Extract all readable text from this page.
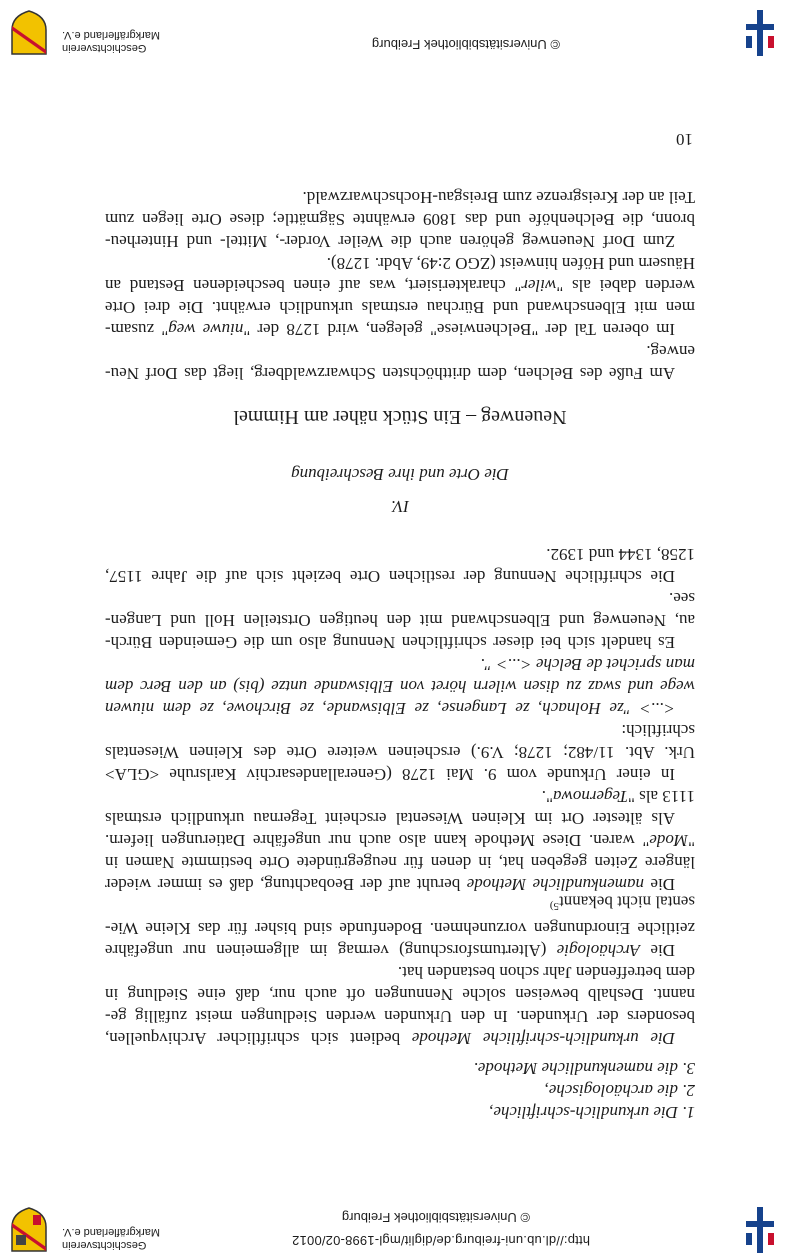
http://dl.ub.uni-freiburg.de/diglit/mgl-1998-02/0012
© Universitätsbibliothek Freiburg
Geschichtsverein
Markgräflerland e.V.
10
1. Die urkundlich-schriftliche,
2. die archäologische,
3. die namenkundliche Methode.
Die urkundlich-schriftliche Methode bedient sich schriftlicher Archivquellen,
besonders der Urkunden. In den Urkunden werden Siedlungen meist zufällig ge-
nannt. Deshalb beweisen solche Nennungen oft auch nur, daß eine Siedlung in
dem betreffenden Jahr schon bestanden hat.
Die Archäologie (Altertumsforschung) vermag im allgemeinen nur ungefähre
zeitliche Einordnungen vorzunehmen. Bodenfunde sind bisher für das Kleine Wie-
sental nicht bekannt$^{5)}$
Die namenkundliche Methode beruht auf der Beobachtung, daß es immer wieder
längere Zeiten gegeben hat, in denen für neugegründete Orte bestimmte Namen in
"Mode" waren. Diese Methode kann also auch nur ungefähre Datierungen liefern.
Als ältester Ort im Kleinen Wiesental erscheint Tegernau urkundlich erstmals
1113 als "Tegernowa".
In einer Urkunde vom 9. Mai 1278 (Generallandesarchiv Karlsruhe <GLA>
Urk. Abt. 11/482; 1278; V.9.) erscheinen weitere Orte des Kleinen Wiesentals
schriftlich:
<...> "ze Holnach, ze Langense, ze Elbiswande, ze Birchowe, ze dem niuwen
wege und swaz zu disen wilern höret von Elbiswande untze (bis) an den Berc dem
man sprichet de Belche <...> ".
Es handelt sich bei dieser schriftlichen Nennung also um die Gemeinden Bürch-
au, Neuenweg und Elbenschwand mit den heutigen Ortsteilen Holl und Langen-
see.
Die schriftliche Nennung der restlichen Orte bezieht sich auf die Jahre 1157,
1258, 1344 und 1392.
IV.
Die Orte und ihre Beschreibung
Neuenweg – Ein Stück näher am Himmel
Am Fuße des Belchen, dem dritthöchsten Schwarzwaldberg, liegt das Dorf Neu-
enweg.
Im oberen Tal der "Belchenwiese" gelegen, wird 1278 der "niuwe weg" zusam-
men mit Elbenschwand und Bürchau erstmals urkundlich erwähnt. Die drei Orte
werden dabei als "wiler" charakterisiert, was auf einen bescheidenen Bestand an
Häusern und Höfen hinweist (ZGO 2:49, Abdr. 1278).
Zum Dorf Neuenweg gehören auch die Weiler Vorder-, Mittel- und Hinterheu-
bronn, die Belchenhöfe und das 1809 erwähnte Sägmättle; diese Orte liegen zum
Teil an der Kreisgrenze zum Breisgau-Hochschwarzwald.
© Universitätsbibliothek Freiburg
Geschichtsverein
Markgräflerland e.V.
